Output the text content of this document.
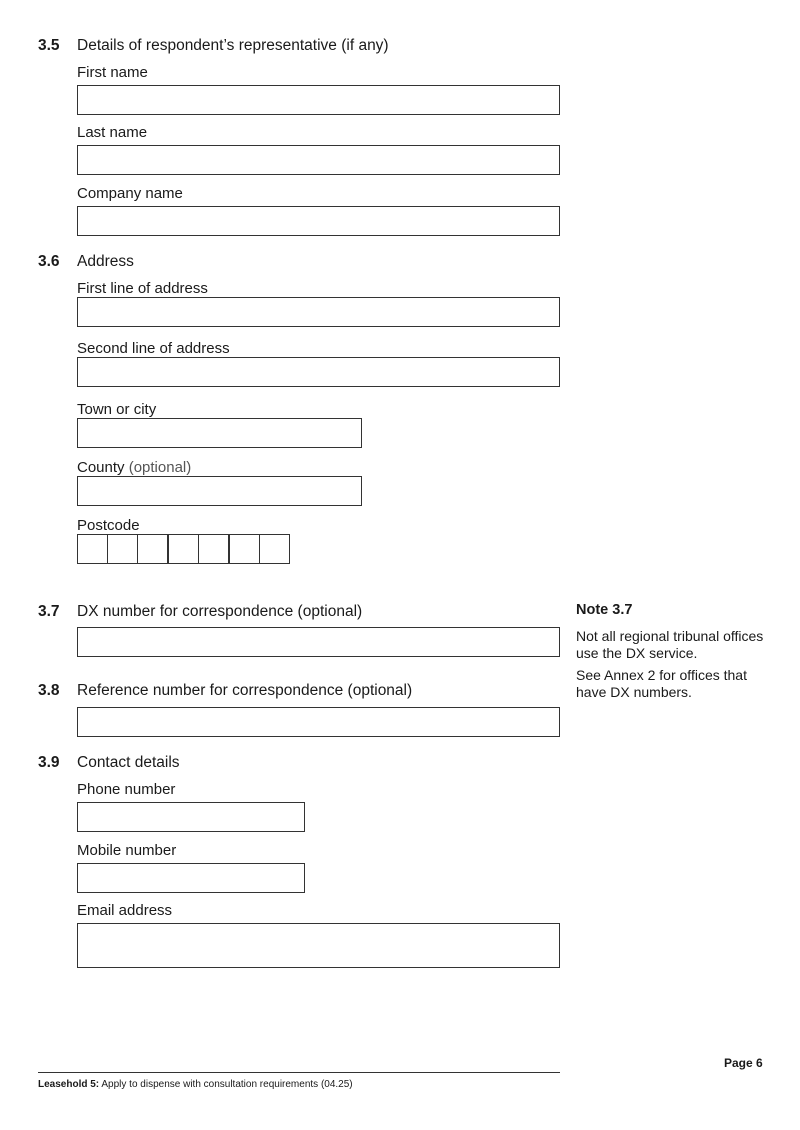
3.5 Details of respondent’s representative (if any)
First name
Last name
Company name
3.6 Address
First line of address
Second line of address
Town or city
County (optional)
Postcode
3.7 DX number for correspondence (optional)	Note 3.7
Not all regional tribunal offices use the DX service.
See Annex 2 for offices that have DX numbers.
3.8 Reference number for correspondence (optional)
3.9 Contact details
Phone number
Mobile number
Email address
Page 6
Leasehold 5: Apply to dispense with consultation requirements (04.25)
